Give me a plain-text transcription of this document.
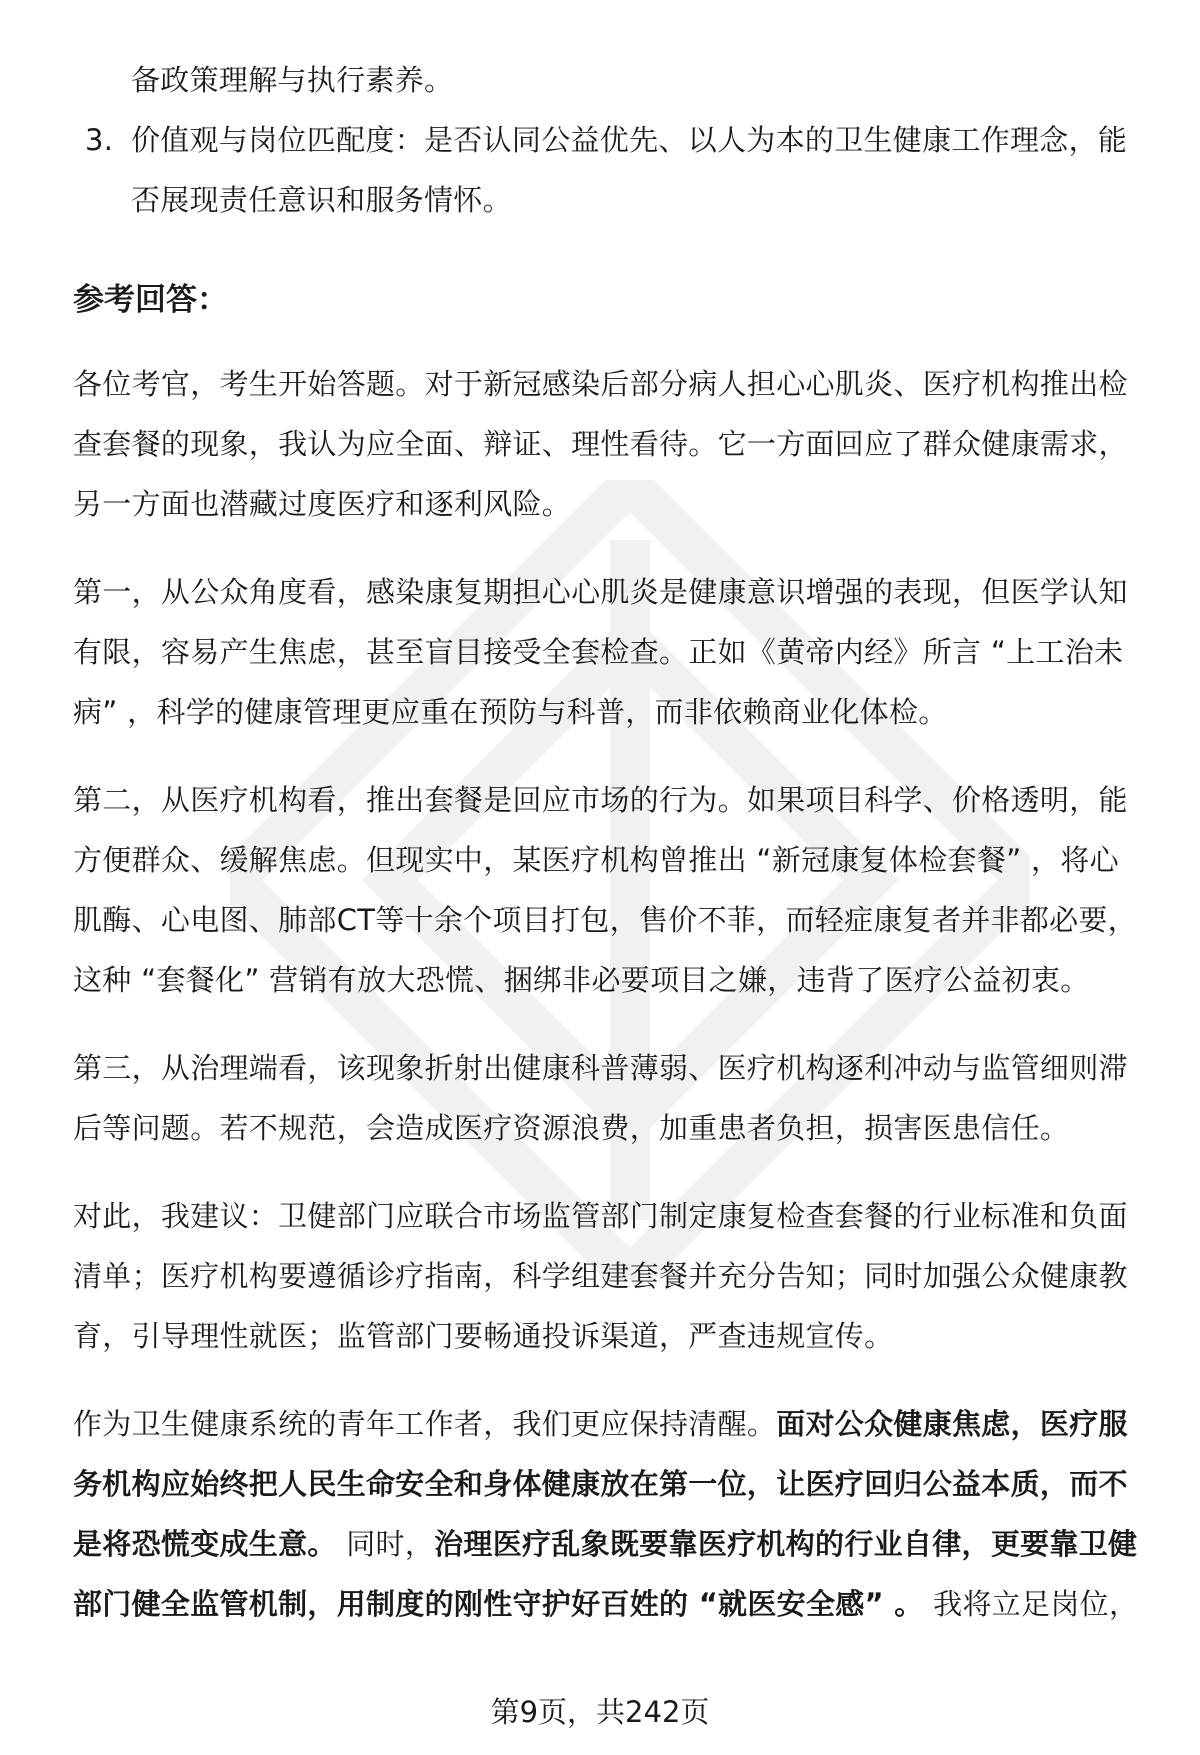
备政策理解与执行素养。
3. 价值观与岗位匹配度：是否认同公益优先、以人为本的卫生健康工作理念，能
否展现责任意识和服务情怀。
参考回答：
各位考官，考生开始答题。对于新冠感染后部分病人担心心肌炎、医疗机构推出检
查套餐的现象，我认为应全面、辩证、理性看待。它一方面回应了群众健康需求，
另一方面也潜藏过度医疗和逐利风险。
第一，从公众角度看，感染康复期担心心肌炎是健康意识增强的表现，但医学认知
有限，容易产生焦虑，甚至盲目接受全套检查。正如《黄帝内经》所言 “上工治未
病” ，科学的健康管理更应重在预防与科普，而非依赖商业化体检。
第二，从医疗机构看，推出套餐是回应市场的行为。如果项目科学、价格透明，能
方便群众、缓解焦虑。但现实中，某医疗机构曾推出 “新冠康复体检套餐” ，将心
肌酶、心电图、肺部CT等十余个项目打包，售价不菲，而轻症康复者并非都必要，
这种 “套餐化” 营销有放大恐慌、捆绑非必要项目之嫌，违背了医疗公益初衷。
第三，从治理端看，该现象折射出健康科普薄弱、医疗机构逐利冲动与监管细则滞
后等问题。若不规范，会造成医疗资源浪费，加重患者负担，损害医患信任。
对此，我建议：卫健部门应联合市场监管部门制定康复检查套餐的行业标准和负面
清单；医疗机构要遵循诊疗指南，科学组建套餐并充分告知；同时加强公众健康教
育，引导理性就医；监管部门要畅通投诉渠道，严查违规宣传。
作为卫生健康系统的青年工作者，我们更应保持清醒。面对公众健康焦虑，医疗服
务机构应始终把人民生命安全和身体健康放在第一位，让医疗回归公益本质，而不
是将恐慌变成生意。 同时，治理医疗乱象既要靠医疗机构的行业自律，更要靠卫健
部门健全监管机制，用制度的刚性守护好百姓的 “就医安全感” 。 我将立足岗位，
第9页，共242页
